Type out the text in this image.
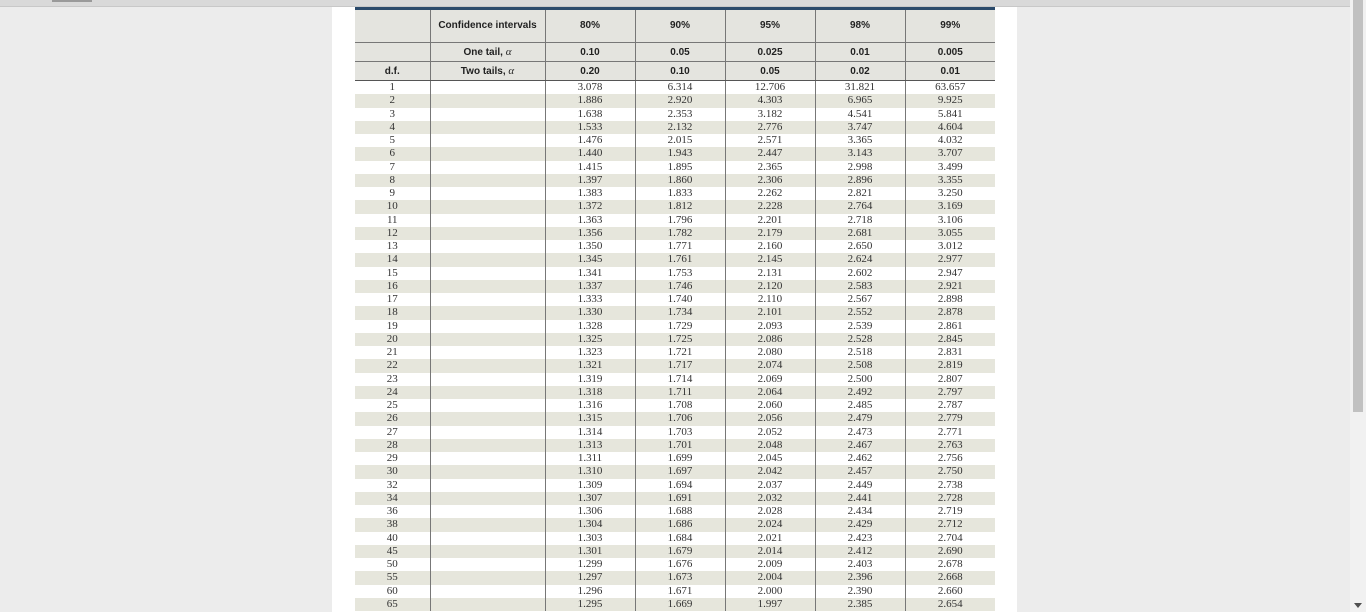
	Confidence intervals	80%	90%	95%	98%	99%
	One tail, α	0.10	0.05	0.025	0.01	0.005
d.f.	Two tails, α	0.20	0.10	0.05	0.02	0.01
1		3.078	6.314	12.706	31.821	63.657
2		1.886	2.920	4.303	6.965	9.925
3		1.638	2.353	3.182	4.541	5.841
4		1.533	2.132	2.776	3.747	4.604
5		1.476	2.015	2.571	3.365	4.032
6		1.440	1.943	2.447	3.143	3.707
7		1.415	1.895	2.365	2.998	3.499
8		1.397	1.860	2.306	2.896	3.355
9		1.383	1.833	2.262	2.821	3.250
10		1.372	1.812	2.228	2.764	3.169
11		1.363	1.796	2.201	2.718	3.106
12		1.356	1.782	2.179	2.681	3.055
13		1.350	1.771	2.160	2.650	3.012
14		1.345	1.761	2.145	2.624	2.977
15		1.341	1.753	2.131	2.602	2.947
16		1.337	1.746	2.120	2.583	2.921
17		1.333	1.740	2.110	2.567	2.898
18		1.330	1.734	2.101	2.552	2.878
19		1.328	1.729	2.093	2.539	2.861
20		1.325	1.725	2.086	2.528	2.845
21		1.323	1.721	2.080	2.518	2.831
22		1.321	1.717	2.074	2.508	2.819
23		1.319	1.714	2.069	2.500	2.807
24		1.318	1.711	2.064	2.492	2.797
25		1.316	1.708	2.060	2.485	2.787
26		1.315	1.706	2.056	2.479	2.779
27		1.314	1.703	2.052	2.473	2.771
28		1.313	1.701	2.048	2.467	2.763
29		1.311	1.699	2.045	2.462	2.756
30		1.310	1.697	2.042	2.457	2.750
32		1.309	1.694	2.037	2.449	2.738
34		1.307	1.691	2.032	2.441	2.728
36		1.306	1.688	2.028	2.434	2.719
38		1.304	1.686	2.024	2.429	2.712
40		1.303	1.684	2.021	2.423	2.704
45		1.301	1.679	2.014	2.412	2.690
50		1.299	1.676	2.009	2.403	2.678
55		1.297	1.673	2.004	2.396	2.668
60		1.296	1.671	2.000	2.390	2.660
65		1.295	1.669	1.997	2.385	2.654
